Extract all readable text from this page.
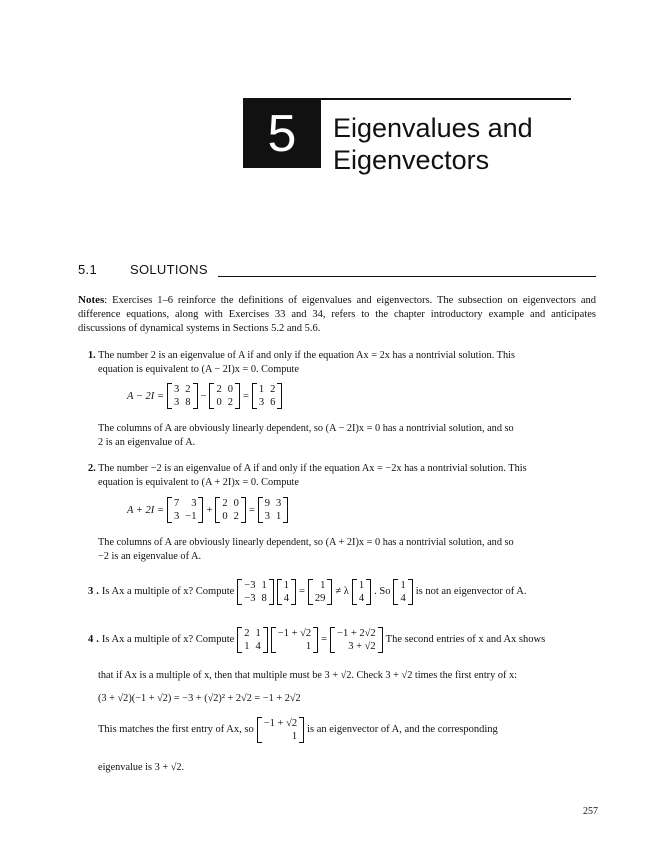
5 Eigenvalues and
Eigenvectors
5.1	SOLUTIONS
Notes: Exercises 1–6 reinforce the definitions of eigenvalues and eigenvectors. The subsection on eigenvectors and difference equations, along with Exercises 33 and 34, refers to the chapter introductory example and anticipates discussions of dynamical systems in Sections 5.2 and 5.6.
1. The number 2 is an eigenvalue of A if and only if the equation Ax = 2x has a nontrivial solution. This
equation is equivalent to (A − 2I)x = 0. Compute
A − 2I =
3 2
3 8
−
2 0
0 2
=
1 2
3 6
The columns of A are obviously linearly dependent, so (A − 2I)x = 0 has a nontrivial solution, and so
2 is an eigenvalue of A.
2. The number −2 is an eigenvalue of A if and only if the equation Ax = −2x has a nontrivial solution. This
equation is equivalent to (A + 2I)x = 0. Compute
A + 2I =
7	3
3 −1
+
2 0
0 2
=
9 3
3 1
The columns of A are obviously linearly dependent, so (A + 2I)x = 0 has a nontrivial solution, and so
−2 is an eigenvalue of A.
3 . Is Ax a multiple of x? Compute
−3 1
−3 8
1
4
=
1
29
≠ λ
1
4
. So
1
4
is not an eigenvector of A.
4 . Is Ax a multiple of x? Compute
2 1
1 4
−1 + √2
1
=
−1 + 2√2
3 + √2
The second entries of x and Ax shows
that if Ax is a multiple of x, then that multiple must be 3 + √2. Check 3 + √2 times the first entry of x:
(3 + √2)(−1 + √2) = −3 + (√2)² + 2√2 = −1 + 2√2
This matches the first entry of Ax, so
−1 + √2
1
is an eigenvector of A, and the corresponding
eigenvalue is 3 + √2.
257
